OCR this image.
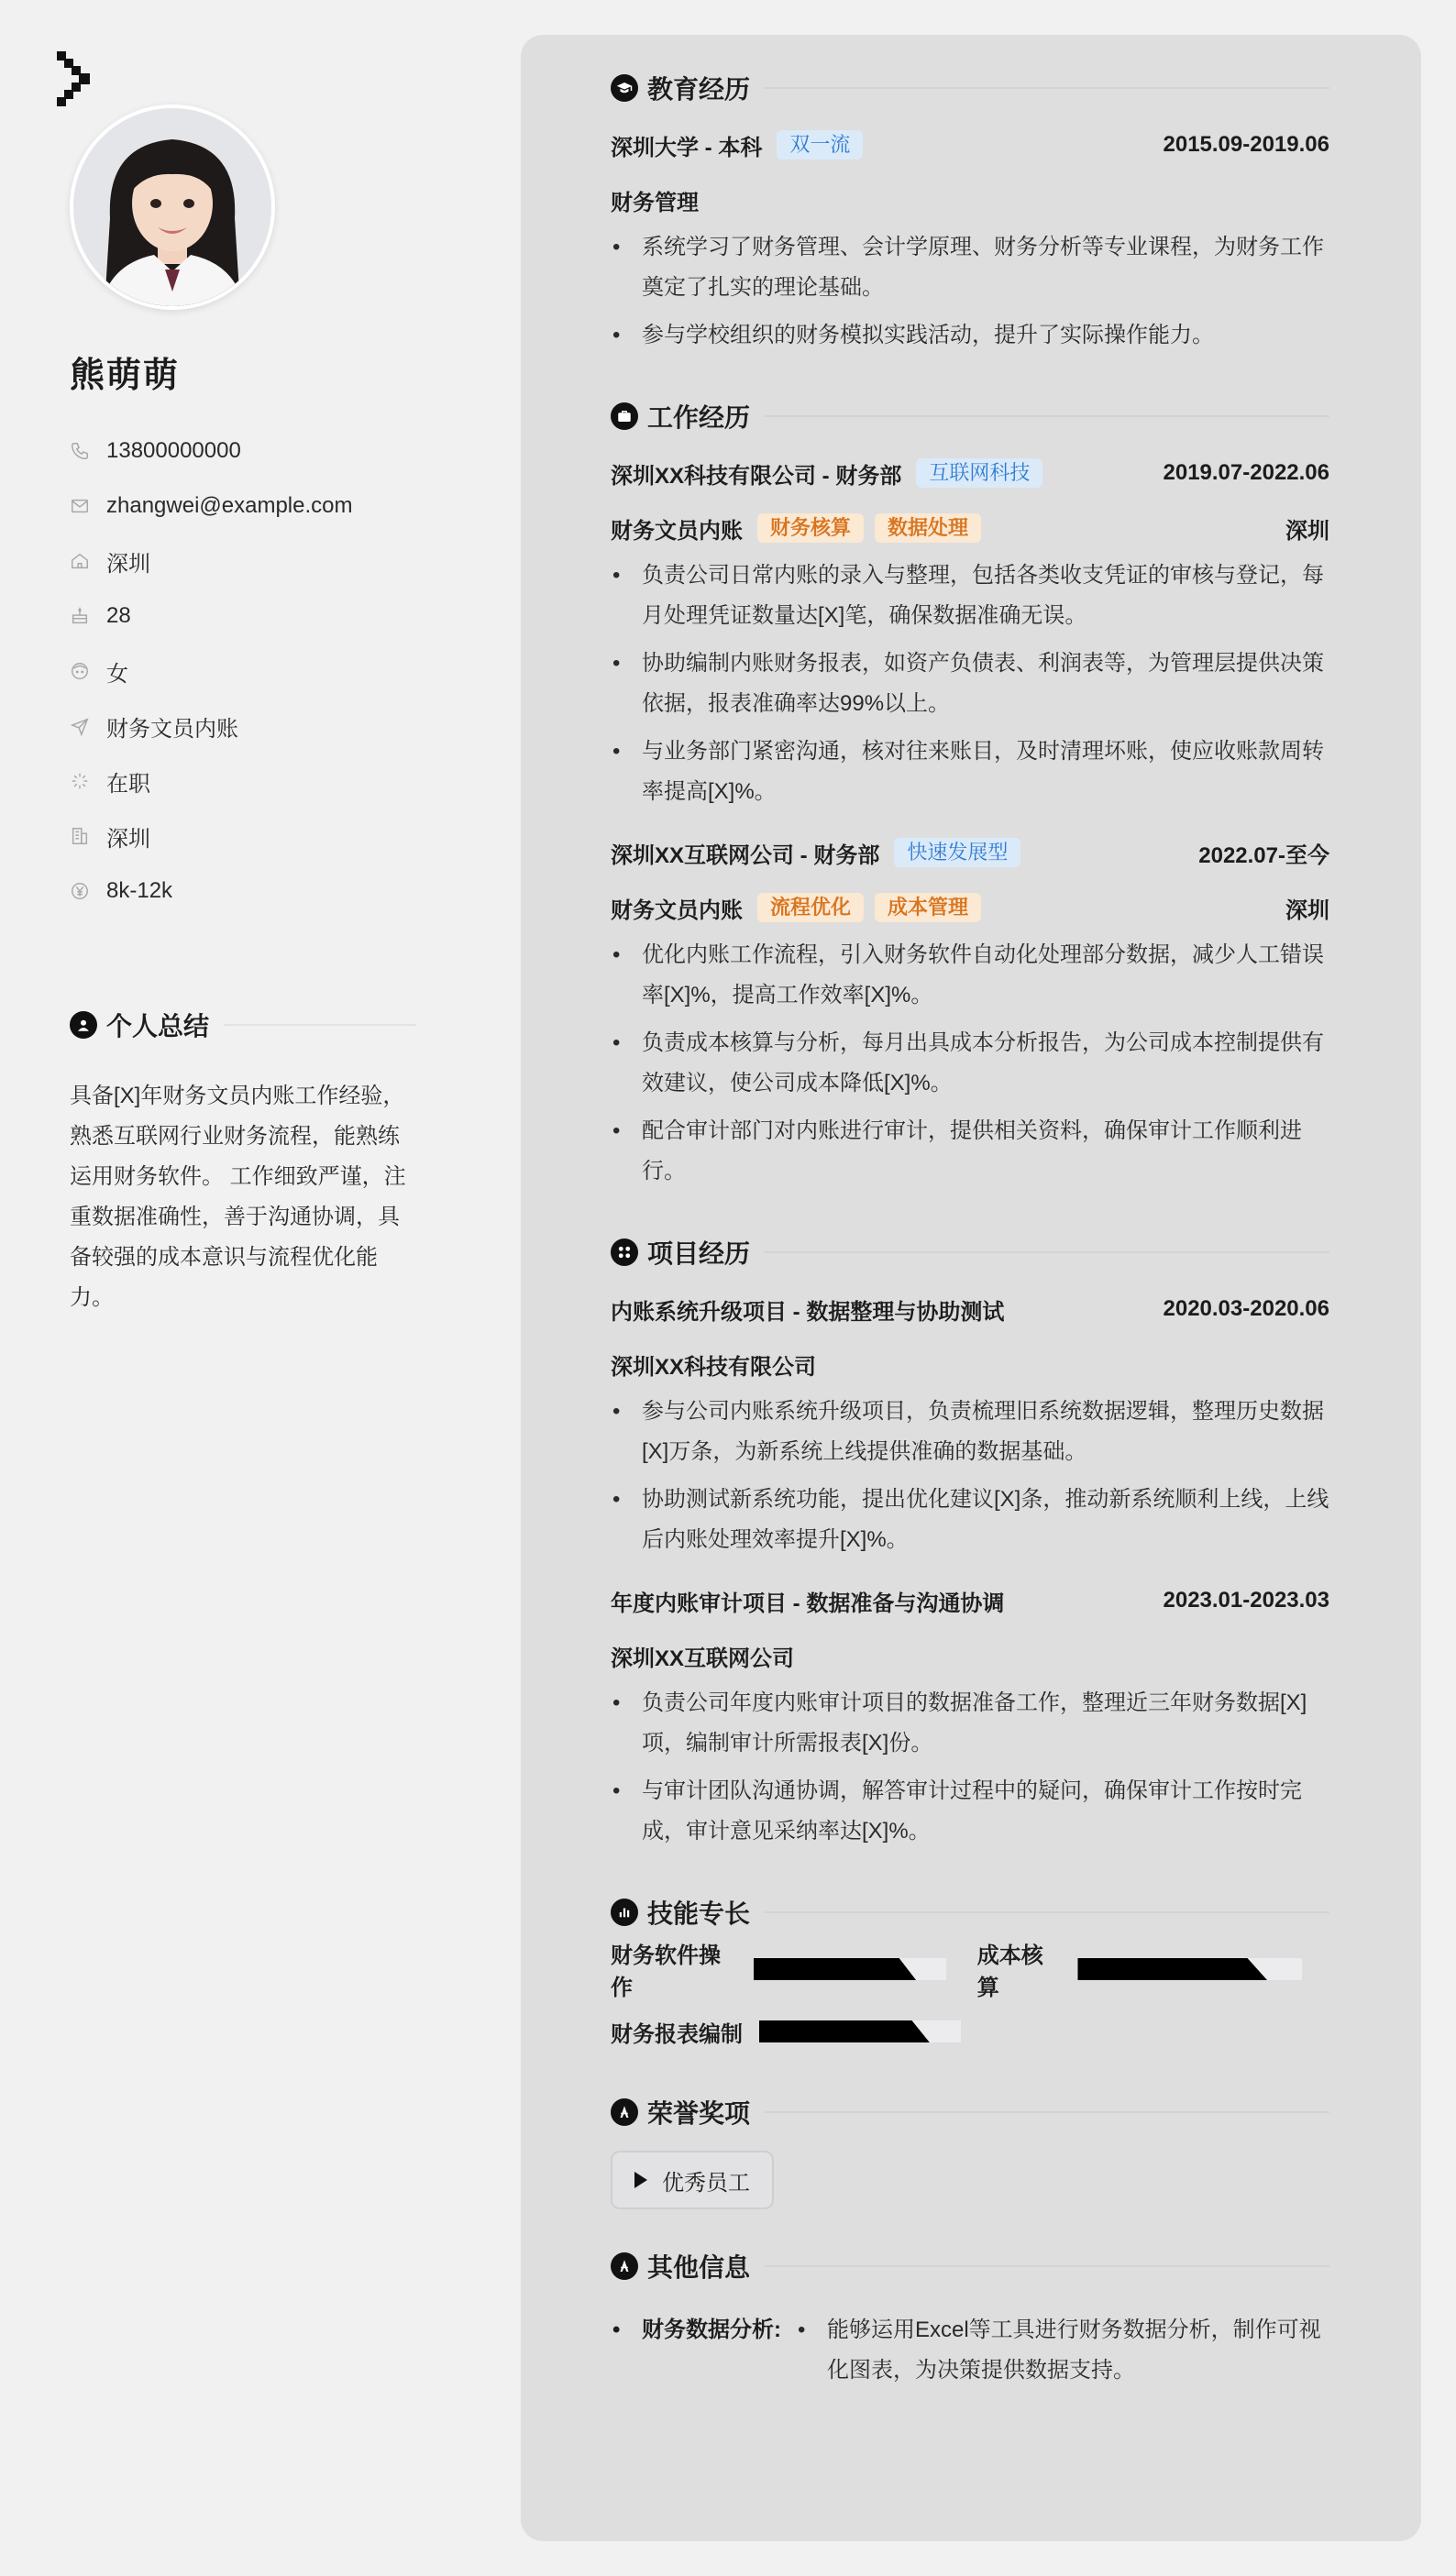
熊萌萌
13800000000
zhangwei@example.com
深圳
28
女
财务文员内账
在职
深圳
8k-12k
个人总结
具备[X]年财务文员内账工作经验，熟悉互联网行业财务流程，能熟练运用财务软件。 工作细致严谨，注重数据准确性，善于沟通协调，具备较强的成本意识与流程优化能力。
教育经历
深圳大学 - 本科	双一流	2015.09-2019.06
财务管理
• 系统学习了财务管理、会计学原理、财务分析等专业课程，为财务工作奠定了扎实的理论基础。
• 参与学校组织的财务模拟实践活动，提升了实际操作能力。
工作经历
深圳XX科技有限公司 - 财务部	互联网科技	2019.07-2022.06
财务文员内账	财务核算	数据处理	深圳
• 负责公司日常内账的录入与整理，包括各类收支凭证的审核与登记，每月处理凭证数量达[X]笔，确保数据准确无误。
• 协助编制内账财务报表，如资产负债表、利润表等，为管理层提供决策依据，报表准确率达99%以上。
• 与业务部门紧密沟通，核对往来账目，及时清理坏账，使应收账款周转率提高[X]%。
深圳XX互联网公司 - 财务部	快速发展型	2022.07-至今
财务文员内账	流程优化	成本管理	深圳
• 优化内账工作流程，引入财务软件自动化处理部分数据，减少人工错误率[X]%，提高工作效率[X]%。
• 负责成本核算与分析，每月出具成本分析报告，为公司成本控制提供有效建议，使公司成本降低[X]%。
• 配合审计部门对内账进行审计，提供相关资料，确保审计工作顺利进行。
项目经历
内账系统升级项目 - 数据整理与协助测试	2020.03-2020.06
深圳XX科技有限公司
• 参与公司内账系统升级项目，负责梳理旧系统数据逻辑，整理历史数据[X]万条，为新系统上线提供准确的数据基础。
• 协助测试新系统功能，提出优化建议[X]条，推动新系统顺利上线，上线后内账处理效率提升[X]%。
年度内账审计项目 - 数据准备与沟通协调	2023.01-2023.03
深圳XX互联网公司
• 负责公司年度内账审计项目的数据准备工作，整理近三年财务数据[X]项，编制审计所需报表[X]份。
• 与审计团队沟通协调，解答审计过程中的疑问，确保审计工作按时完成，审计意见采纳率达[X]%。
技能专长
财务软件操作
成本核算
财务报表编制
荣誉奖项
优秀员工
其他信息
• 财务数据分析:
•	能够运用Excel等工具进行财务数据分析，制作可视化图表，为决策提供数据支持。
